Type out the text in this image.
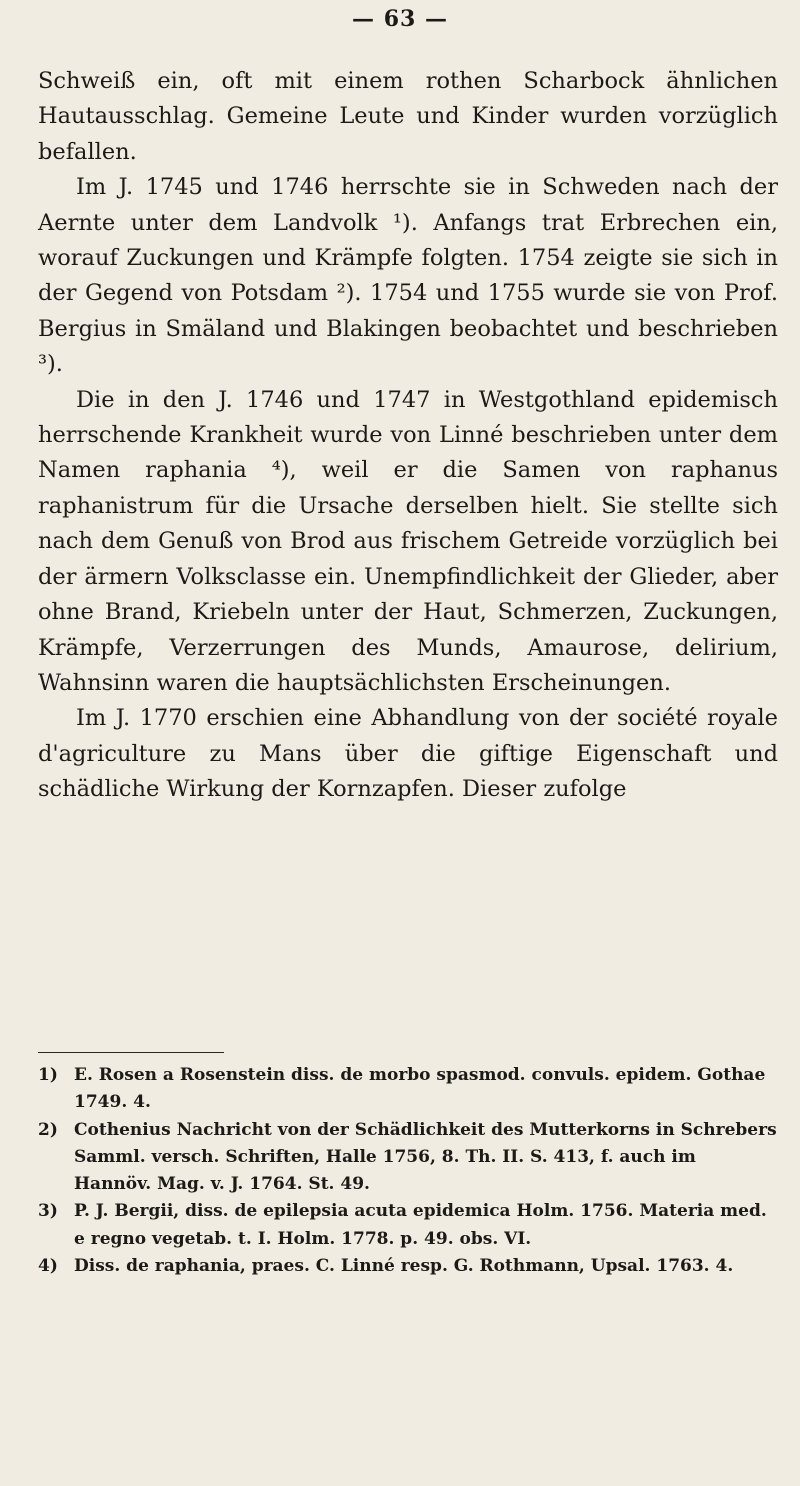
— 63 —

Schweiß ein, oft mit einem rothen Scharbock ähnlichen Hautausschlag. Gemeine Leute und Kinder wurden vorzüglich befallen.

Im J. 1745 und 1746 herrschte sie in Schweden nach der Aernte unter dem Landvolk ¹). Anfangs trat Erbrechen ein, worauf Zuckungen und Krämpfe folgten. 1754 zeigte sie sich in der Gegend von Potsdam ²). 1754 und 1755 wurde sie von Prof. Bergius in Smäland und Blakingen beobachtet und beschrieben ³).

Die in den J. 1746 und 1747 in Westgothland epidemisch herrschende Krankheit wurde von Linné beschrieben unter dem Namen raphania ⁴), weil er die Samen von raphanus raphanistrum für die Ursache derselben hielt. Sie stellte sich nach dem Genuß von Brod aus frischem Getreide vorzüglich bei der ärmern Volksclasse ein. Unempfindlichkeit der Glieder, aber ohne Brand, Kriebeln unter der Haut, Schmerzen, Zuckungen, Krämpfe, Verzerrungen des Munds, Amaurose, delirium, Wahnsinn waren die hauptsächlichsten Erscheinungen.

Im J. 1770 erschien eine Abhandlung von der société royale d'agriculture zu Mans über die giftige Eigenschaft und schädliche Wirkung der Kornzapfen. Dieser zufolge

1) E. Rosen a Rosenstein diss. de morbo spasmod. convuls. epidem. Gothae 1749. 4.

2) Cothenius Nachricht von der Schädlichkeit des Mutterkorns in Schrebers Samml. versch. Schriften, Halle 1756, 8. Th. II. S. 413, f. auch im Hannöv. Mag. v. J. 1764. St. 49.

3) P. J. Bergii, diss. de epilepsia acuta epidemica Holm. 1756. Materia med. e regno vegetab. t. I. Holm. 1778. p. 49. obs. VI.

4) Diss. de raphania, praes. C. Linné resp. G. Rothmann, Upsal. 1763. 4.
